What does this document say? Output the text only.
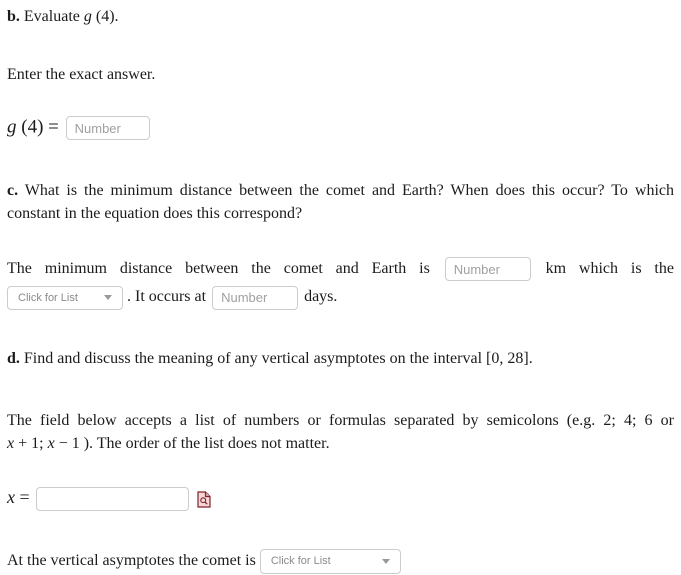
b. Evaluate g (4).
Enter the exact answer.
g (4) = Number
c. What is the minimum distance between the comet and Earth? When does this occur? To which
constant in the equation does this correspond?
The minimum distance between the comet and Earth is Number	km which is the
Click for List	. It occurs at Number	days.
d. Find and discuss the meaning of any vertical asymptotes on the interval [0, 28].
The field below accepts a list of numbers or formulas separated by semicolons (e.g. 2; 4; 6 or
x + 1; x − 1 ). The order of the list does not matter.
x =
At the vertical asymptotes the comet is Click for List
